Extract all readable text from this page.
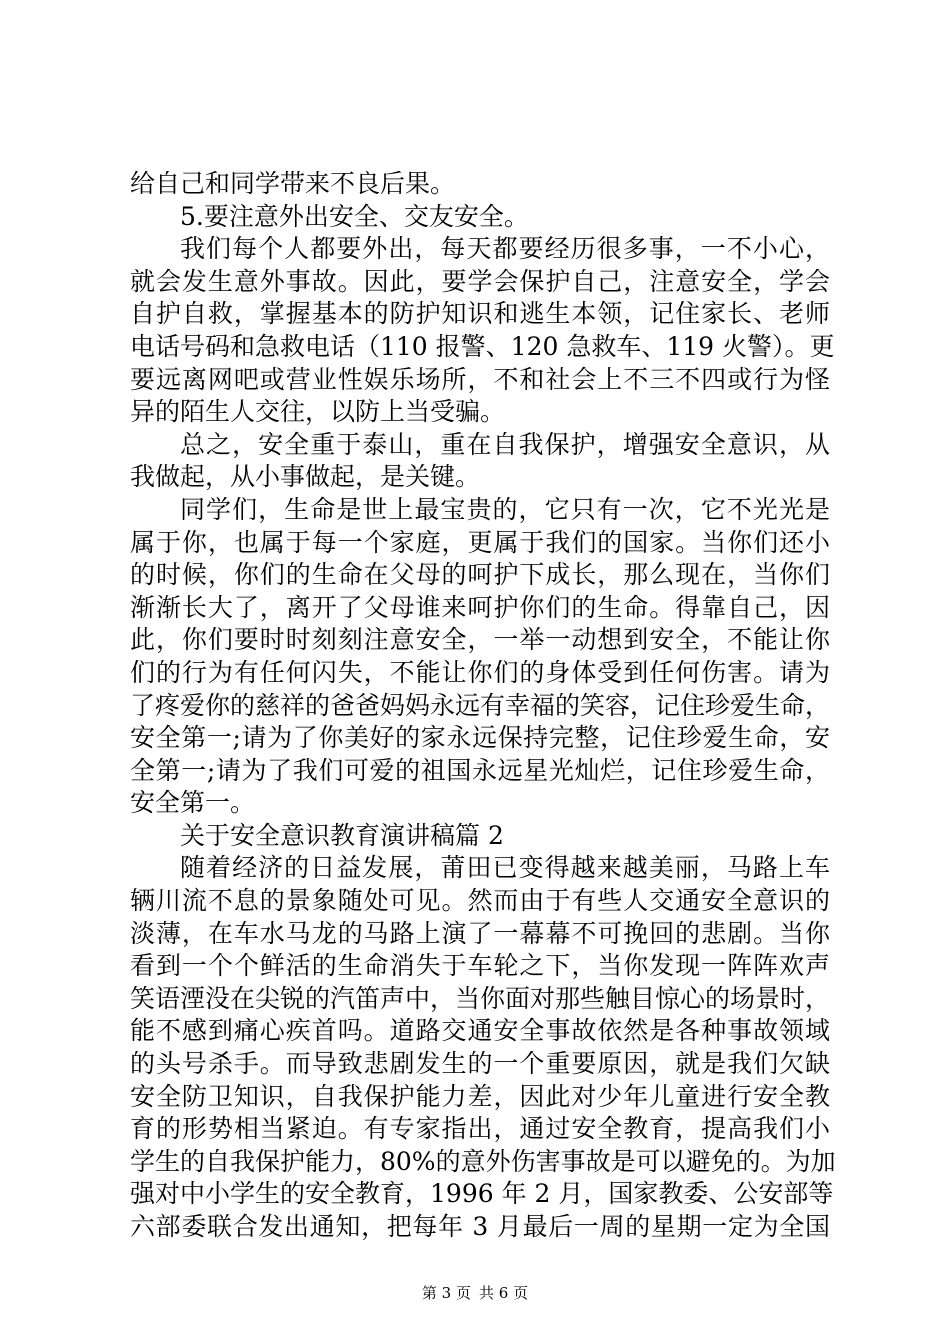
给自己和同学带来不良后果。
5.要注意外出安全、交友安全。
我们每个人都要外出，每天都要经历很多事，一不小心，
就会发生意外事故。因此，要学会保护自己，注意安全，学会
自护自救，掌握基本的防护知识和逃生本领，记住家长、老师
电话号码和急救电话（110 报警、120 急救车、119 火警）。更
要远离网吧或营业性娱乐场所，不和社会上不三不四或行为怪
异的陌生人交往，以防上当受骗。
总之，安全重于泰山，重在自我保护，增强安全意识，从
我做起，从小事做起，是关键。
同学们，生命是世上最宝贵的，它只有一次，它不光光是
属于你，也属于每一个家庭，更属于我们的国家。当你们还小
的时候，你们的生命在父母的呵护下成长，那么现在，当你们
渐渐长大了，离开了父母谁来呵护你们的生命。得靠自己，因
此，你们要时时刻刻注意安全，一举一动想到安全，不能让你
们的行为有任何闪失，不能让你们的身体受到任何伤害。请为
了疼爱你的慈祥的爸爸妈妈永远有幸福的笑容，记住珍爱生命，
安全第一;请为了你美好的家永远保持完整，记住珍爱生命，安
全第一;请为了我们可爱的祖国永远星光灿烂，记住珍爱生命，
安全第一。
关于安全意识教育演讲稿篇 2
随着经济的日益发展，莆田已变得越来越美丽，马路上车
辆川流不息的景象随处可见。然而由于有些人交通安全意识的
淡薄，在车水马龙的马路上演了一幕幕不可挽回的悲剧。当你
看到一个个鲜活的生命消失于车轮之下，当你发现一阵阵欢声
笑语湮没在尖锐的汽笛声中，当你面对那些触目惊心的场景时，
能不感到痛心疾首吗。道路交通安全事故依然是各种事故领域
的头号杀手。而导致悲剧发生的一个重要原因，就是我们欠缺
安全防卫知识，自我保护能力差，因此对少年儿童进行安全教
育的形势相当紧迫。有专家指出，通过安全教育，提高我们小
学生的自我保护能力，80%的意外伤害事故是可以避免的。为加
强对中小学生的安全教育，1996 年 2 月，国家教委、公安部等
六部委联合发出通知，把每年 3 月最后一周的星期一定为全国
第 3 页 共 6 页
